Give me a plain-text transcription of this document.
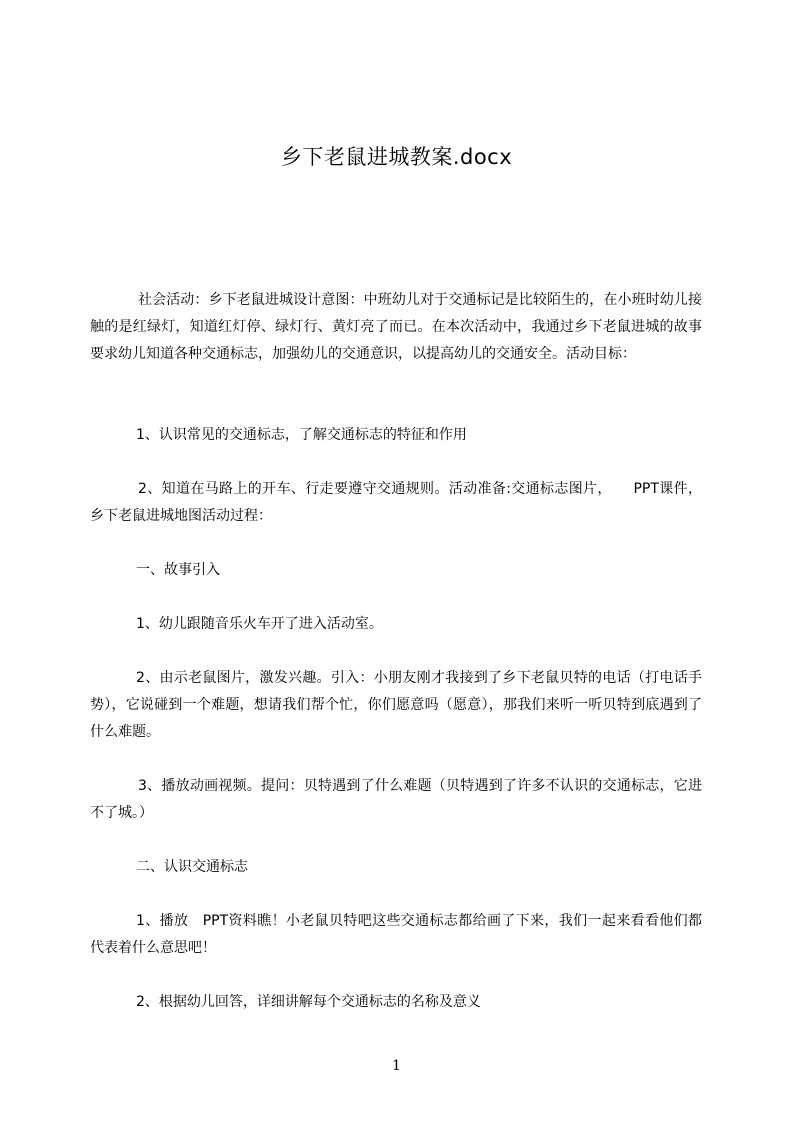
乡下老鼠进城教案.docx
社会活动：乡下老鼠进城设计意图：中班幼儿对于交通标记是比较陌生的，在小班时幼儿接触的是红绿灯，知道红灯停、绿灯行、黄灯亮了而已。在本次活动中，我通过乡下老鼠进城的故事要求幼儿知道各种交通标志，加强幼儿的交通意识，以提高幼儿的交通安全。活动目标：
1、认识常见的交通标志，了解交通标志的特征和作用
2、知道在马路上的开车、行走要遵守交通规则。活动准备:交通标志图片，　　PPT课件，乡下老鼠进城地图活动过程：
一、故事引入
1、幼儿跟随音乐火车开了进入活动室。
2、由示老鼠图片，激发兴趣。引入：小朋友刚才我接到了乡下老鼠贝特的电话（打电话手势），它说碰到一个难题，想请我们帮个忙，你们愿意吗（愿意），那我们来听一听贝特到底遇到了什么难题。
3、播放动画视频。提问：贝特遇到了什么难题（贝特遇到了许多不认识的交通标志，它进不了城。）
二、认识交通标志
1、播放　PPT资料瞧！小老鼠贝特吧这些交通标志都给画了下来，我们一起来看看他们都代表着什么意思吧！
2、根据幼儿回答，详细讲解每个交通标志的名称及意义
1
